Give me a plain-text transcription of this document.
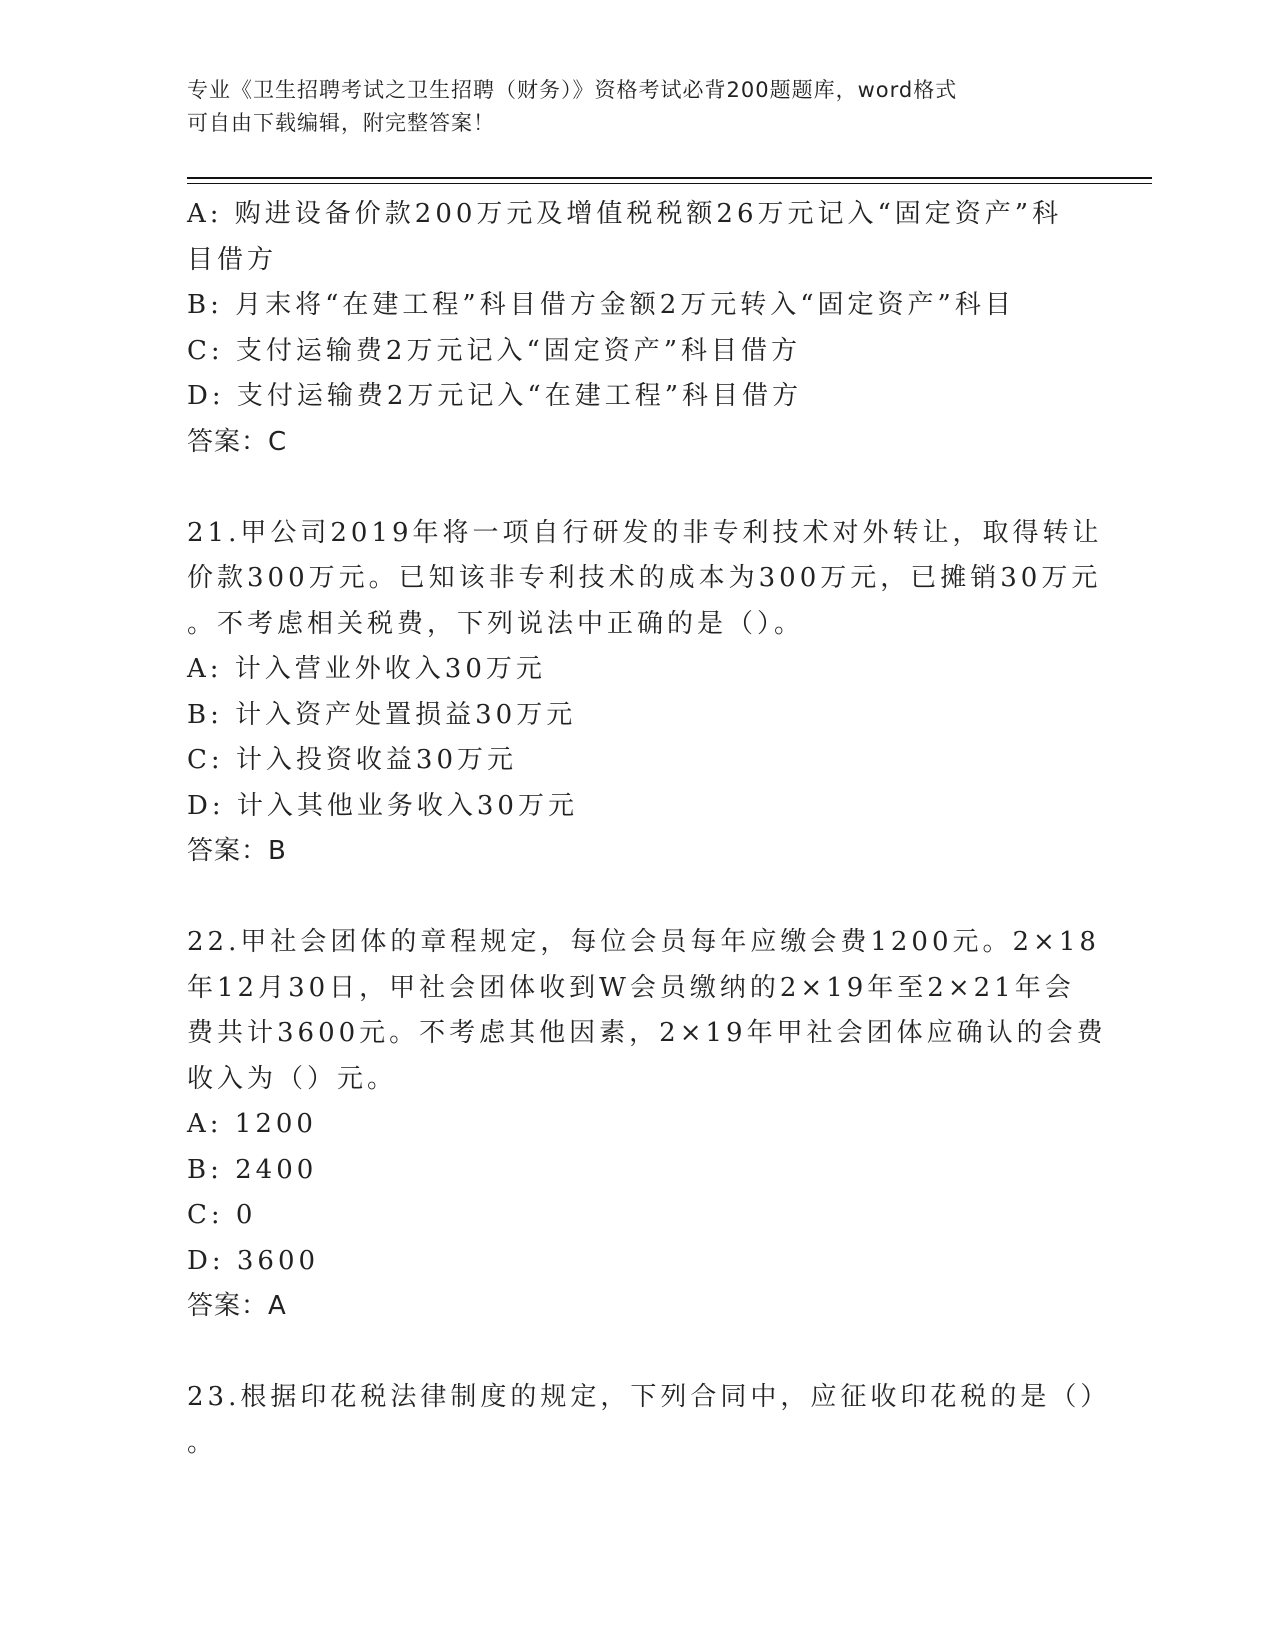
专业《卫生招聘考试之卫生招聘（财务）》资格考试必背200题题库，word格式
可自由下载编辑，附完整答案！
A: 购进设备价款200万元及增值税税额26万元记入“固定资产”科
目借方
B: 月末将“在建工程”科目借方金额2万元转入“固定资产”科目
C: 支付运输费2万元记入“固定资产”科目借方
D: 支付运输费2万元记入“在建工程”科目借方
答案：C
21.甲公司2019年将一项自行研发的非专利技术对外转让，取得转让
价款300万元。已知该非专利技术的成本为300万元，已摊销30万元
。不考虑相关税费，下列说法中正确的是（）。
A: 计入营业外收入30万元
B: 计入资产处置损益30万元
C: 计入投资收益30万元
D: 计入其他业务收入30万元
答案：B
22.甲社会团体的章程规定，每位会员每年应缴会费1200元。2×18
年12月30日，甲社会团体收到W会员缴纳的2×19年至2×21年会
费共计3600元。不考虑其他因素，2×19年甲社会团体应确认的会费
收入为（）元。
A: 1200
B: 2400
C: 0
D: 3600
答案：A
23.根据印花税法律制度的规定，下列合同中，应征收印花税的是（）
。
